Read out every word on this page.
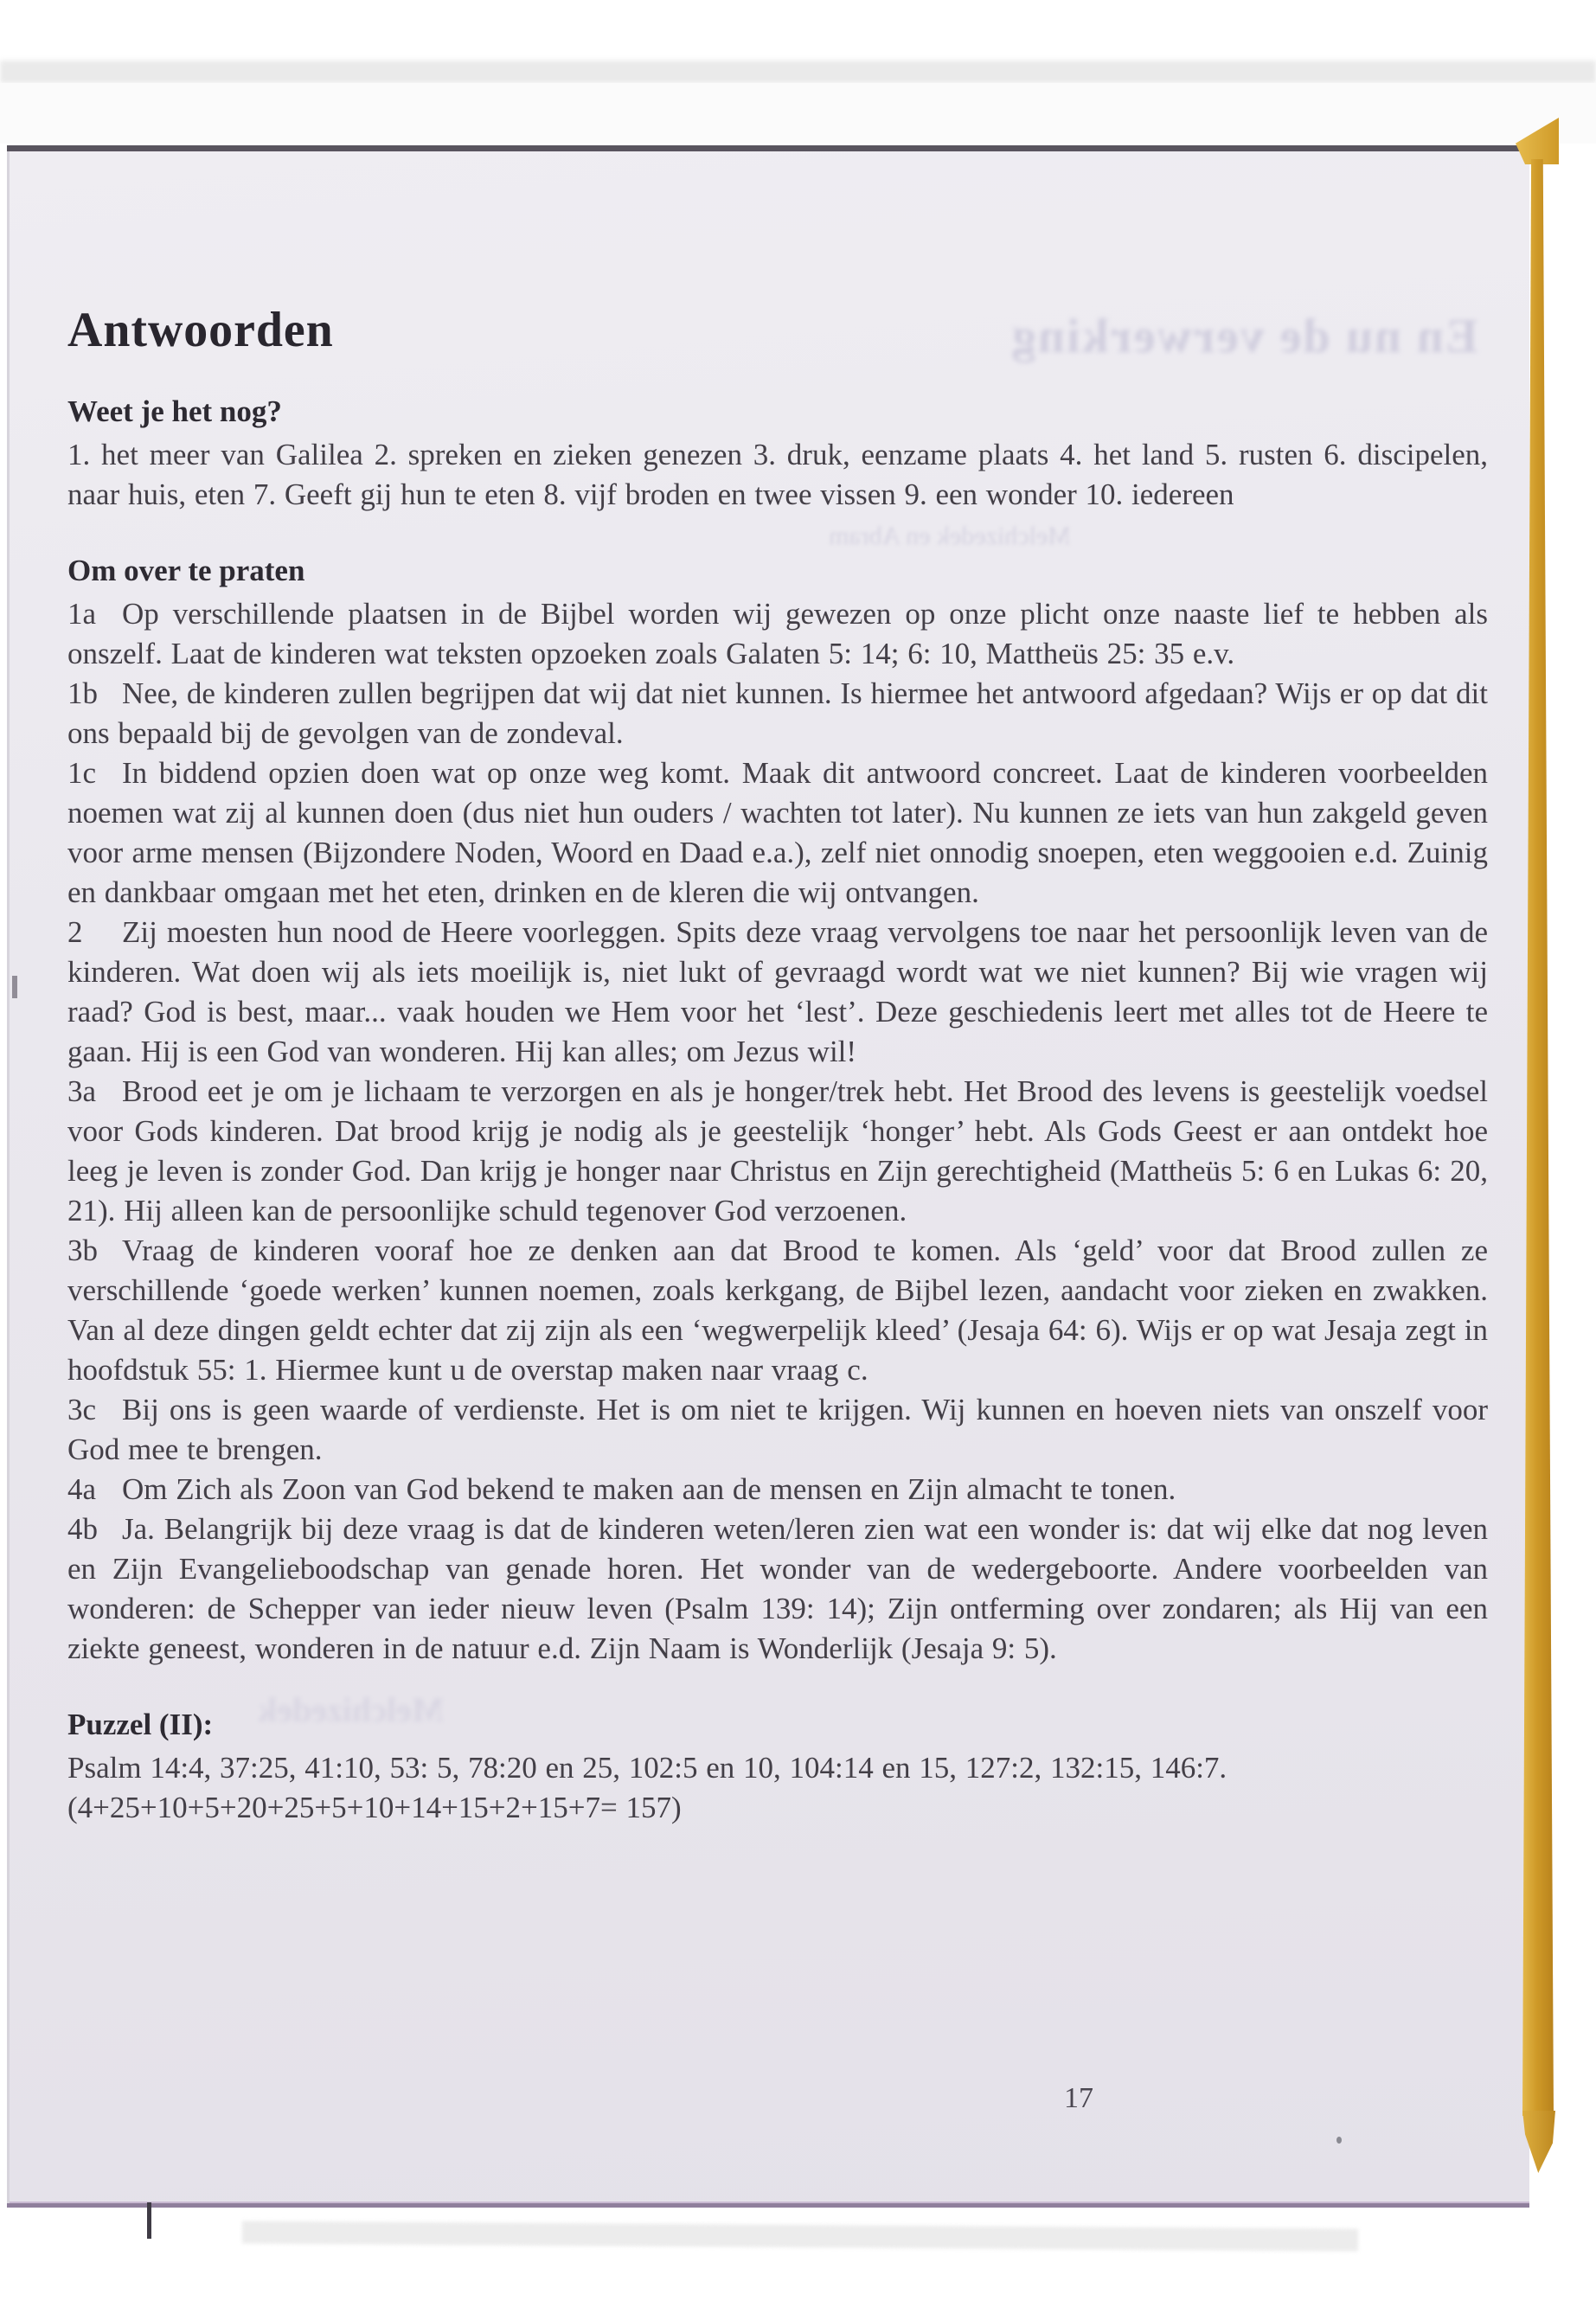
En nu de verwerking
Melchizedek en Abram
Melchizedek
Antwoorden
Weet je het nog?

1. het meer van Galilea 2. spreken en zieken genezen 3. druk, eenzame plaats 4. het land 5. rusten 6. discipelen, naar huis, eten 7. Geeft gij hun te eten 8. vijf broden en twee vissen 9. een wonder 10. iedereen

Om over te praten

1a Op verschillende plaatsen in de Bijbel worden wij gewezen op onze plicht onze naaste lief te hebben als onszelf. Laat de kinderen wat teksten opzoeken zoals Galaten 5: 14; 6: 10, Mattheüs 25: 35 e.v.

1b Nee, de kinderen zullen begrijpen dat wij dat niet kunnen. Is hiermee het antwoord afgedaan? Wijs er op dat dit ons bepaald bij de gevolgen van de zondeval.

1c In biddend opzien doen wat op onze weg komt. Maak dit antwoord concreet. Laat de kinderen voorbeelden noemen wat zij al kunnen doen (dus niet hun ouders / wachten tot later). Nu kunnen ze iets van hun zakgeld geven voor arme mensen (Bijzondere Noden, Woord en Daad e.a.), zelf niet onnodig snoepen, eten weggooien e.d. Zuinig en dankbaar omgaan met het eten, drinken en de kleren die wij ontvangen.

2 Zij moesten hun nood de Heere voorleggen. Spits deze vraag vervolgens toe naar het persoonlijk leven van de kinderen. Wat doen wij als iets moeilijk is, niet lukt of gevraagd wordt wat we niet kunnen? Bij wie vragen wij raad? God is best, maar... vaak houden we Hem voor het ‘lest’. Deze geschiedenis leert met alles tot de Heere te gaan. Hij is een God van wonderen. Hij kan alles; om Jezus wil!

3a Brood eet je om je lichaam te verzorgen en als je honger/trek hebt. Het Brood des levens is geestelijk voedsel voor Gods kinderen. Dat brood krijg je nodig als je geestelijk ‘honger’ hebt. Als Gods Geest er aan ontdekt hoe leeg je leven is zonder God. Dan krijg je honger naar Christus en Zijn gerechtigheid (Mattheüs 5: 6 en Lukas 6: 20, 21). Hij alleen kan de persoonlijke schuld tegenover God verzoenen.

3b Vraag de kinderen vooraf hoe ze denken aan dat Brood te komen. Als ‘geld’ voor dat Brood zullen ze verschillende ‘goede werken’ kunnen noemen, zoals kerkgang, de Bijbel lezen, aandacht voor zieken en zwakken. Van al deze dingen geldt echter dat zij zijn als een ‘wegwerpelijk kleed’ (Jesaja 64: 6). Wijs er op wat Jesaja zegt in hoofdstuk 55: 1. Hiermee kunt u de overstap maken naar vraag c.

3c Bij ons is geen waarde of verdienste. Het is om niet te krijgen. Wij kunnen en hoeven niets van onszelf voor God mee te brengen.

4a Om Zich als Zoon van God bekend te maken aan de mensen en Zijn almacht te tonen.

4b Ja. Belangrijk bij deze vraag is dat de kinderen weten/leren zien wat een wonder is: dat wij elke dat nog leven en Zijn Evangelieboodschap van genade horen. Het wonder van de wedergeboorte. Andere voorbeelden van wonderen: de Schepper van ieder nieuw leven (Psalm 139: 14); Zijn ontferming over zondaren; als Hij van een ziekte geneest, wonderen in de natuur e.d. Zijn Naam is Wonderlijk (Jesaja 9: 5).

Puzzel (II):

Psalm 14:4, 37:25, 41:10, 53: 5, 78:20 en 25, 102:5 en 10, 104:14 en 15, 127:2, 132:15, 146:7.

(4+25+10+5+20+25+5+10+14+15+2+15+7= 157)

17
